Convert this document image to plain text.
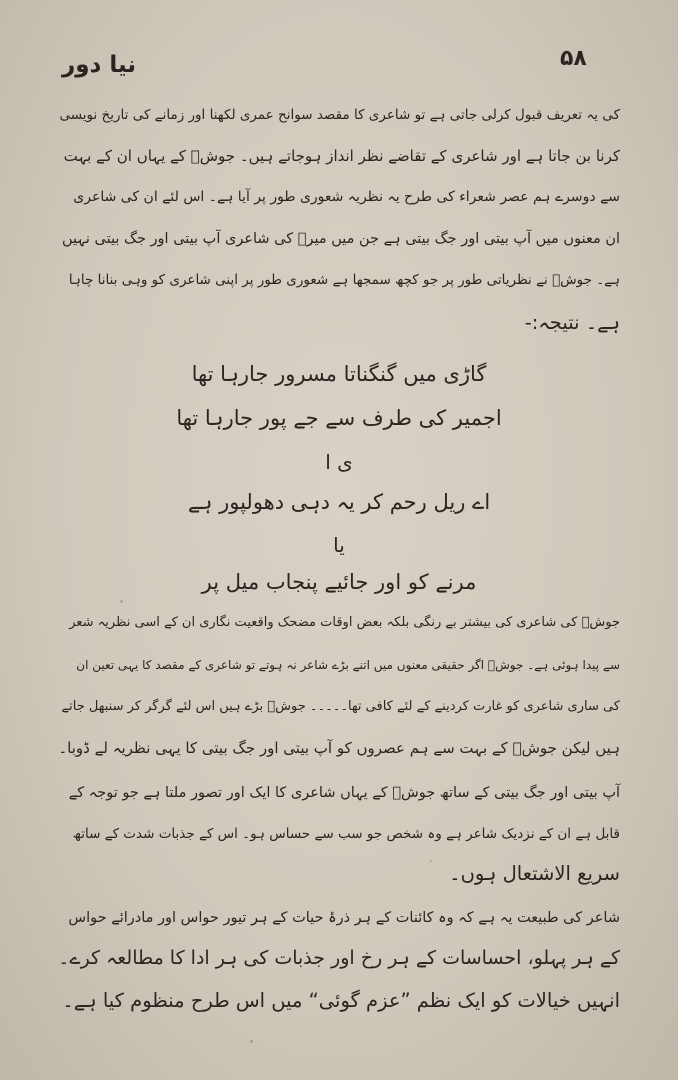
نیا دور	۵۸
کی یہ تعریف قبول کرلی جاتی ہے تو شاعری کا مقصد سوانح عمری لکھنا اور زمانے کی تاریخ نویسی
کرنا بن جاتا ہے اور شاعری کے تقاضے نظر انداز ہوجاتے ہیں۔ جوشؔ کے یہاں ان کے بہت
سے دوسرے ہم عصر شعراء کی طرح یہ نظریہ شعوری طور پر آیا ہے۔ اس لئے ان کی شاعری
ان معنوں میں آپ بیتی اور جگ بیتی ہے جن میں میرؔ کی شاعری آپ بیتی اور جگ بیتی نہیں
ہے۔ جوشؔ نے نظریاتی طور پر جو کچھ سمجھا ہے شعوری طور پر اپنی شاعری کو وہی بنانا چاہا
ہے۔ نتیجہ:-
گاڑی میں گنگناتا مسرور جارہا تھا
اجمیر کی طرف سے جے پور جارہا تھا
ی ا
اے ریل رحم کر یہ دہی دھولپور ہے
یا
مرنے کو اور جائیے پنجاب میل پر
جوشؔ کی شاعری کی بیشتر بے رنگی بلکہ بعض اوقات مضحک واقعیت نگاری ان کے اسی نظریہ شعر
سے پیدا ہوئی ہے۔ جوشؔ اگر حقیقی معنوں میں اتنے بڑے شاعر نہ ہوتے تو شاعری کے مقصد کا یہی تعین ان
کی ساری شاعری کو غارت کردینے کے لئے کافی تھا۔۔۔۔۔ جوشؔ بڑے ہیں اس لئے گرگر کر سنبھل جاتے
ہیں لیکن جوشؔ کے بہت سے ہم عصروں کو آپ بیتی اور جگ بیتی کا یہی نظریہ لے ڈوبا۔
آپ بیتی اور جگ بیتی کے ساتھ جوشؔ کے یہاں شاعری کا ایک اور تصور ملتا ہے جو توجہ کے
قابل ہے ان کے نزدیک شاعر ہے وہ شخص جو سب سے حساس ہو۔ اس کے جذبات شدت کے ساتھ
سریع الاشتعال ہوں۔
شاعر کی طبیعت یہ ہے کہ وہ کائنات کے ہر ذرۂ حیات کے ہر تیور حواس اور مادرائے حواس
کے ہر پہلو، احساسات کے ہر رخ اور جذبات کی ہر ادا کا مطالعہ کرے۔
انہیں خیالات کو ایک نظم ”عزم گوئی“ میں اس طرح منظوم کیا ہے۔
